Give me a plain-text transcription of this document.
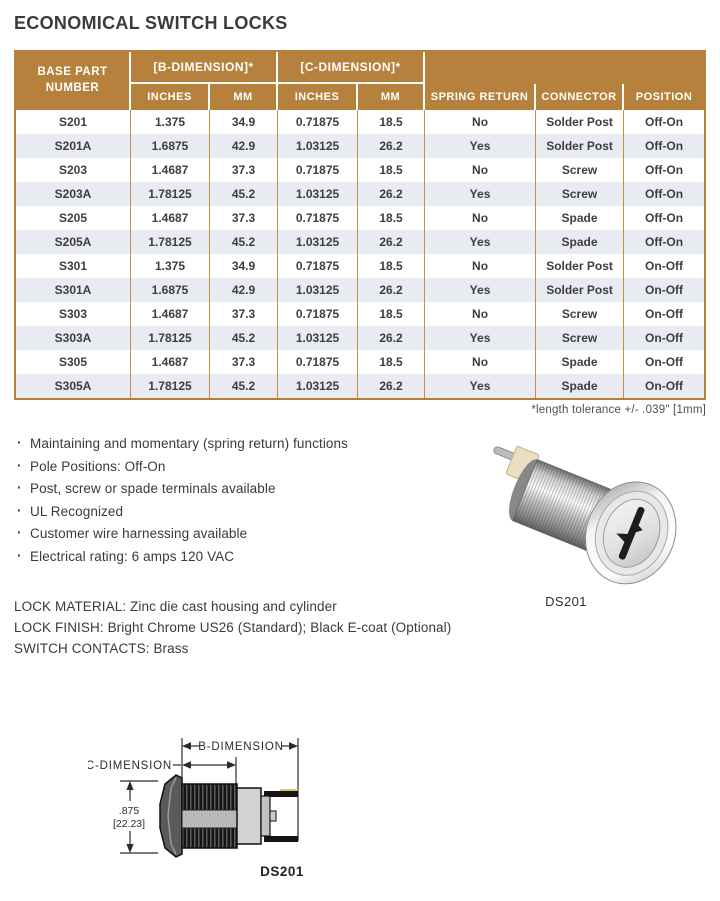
ECONOMICAL SWITCH LOCKS
BASE PART NUMBER	[B-DIMENSION]*		[C-DIMENSION]*				
	INCHES	MM	INCHES	MM	SPRING RETURN	CONNECTOR	POSITION
S201	1.375	34.9	0.71875	18.5	No	Solder Post	Off-On
S201A	1.6875	42.9	1.03125	26.2	Yes	Solder Post	Off-On
S203	1.4687	37.3	0.71875	18.5	No	Screw	Off-On
S203A	1.78125	45.2	1.03125	26.2	Yes	Screw	Off-On
S205	1.4687	37.3	0.71875	18.5	No	Spade	Off-On
S205A	1.78125	45.2	1.03125	26.2	Yes	Spade	Off-On
S301	1.375	34.9	0.71875	18.5	No	Solder Post	On-Off
S301A	1.6875	42.9	1.03125	26.2	Yes	Solder Post	On-Off
S303	1.4687	37.3	0.71875	18.5	No	Screw	On-Off
S303A	1.78125	45.2	1.03125	26.2	Yes	Screw	On-Off
S305	1.4687	37.3	0.71875	18.5	No	Spade	On-Off
S305A	1.78125	45.2	1.03125	26.2	Yes	Spade	On-Off
*length tolerance +/- .039" [1mm]
· Maintaining and momentary (spring return) functions
· Pole Positions: Off-On
· Post, screw or spade terminals available
· UL Recognized
· Customer wire harnessing available
· Electrical rating: 6 amps 120 VAC
DS201
LOCK MATERIAL: Zinc die cast housing and cylinder
LOCK FINISH: Bright Chrome US26 (Standard); Black E-coat (Optional)
SWITCH CONTACTS: Brass
B-DIMENSION
C-DIMENSION
.875
[22.23]
DS201
